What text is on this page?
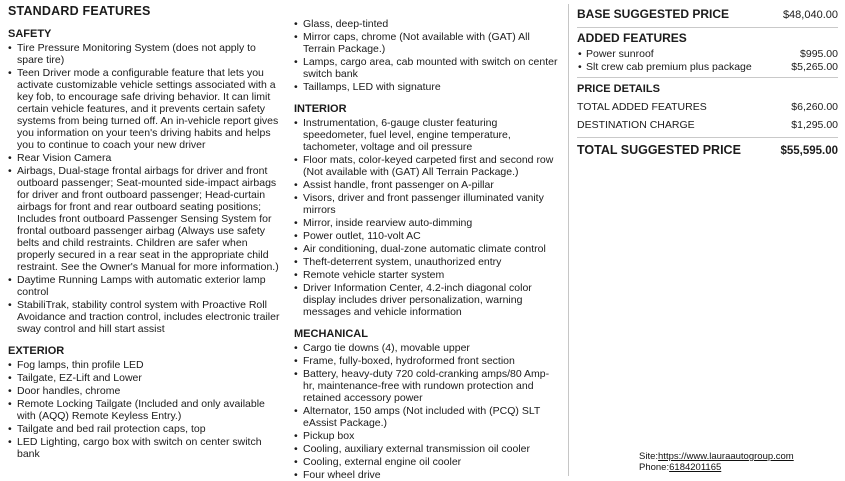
STANDARD FEATURES
SAFETY
• Tire Pressure Monitoring System (does not apply to spare tire)
• Teen Driver mode a configurable feature that lets you activate customizable vehicle settings associated with a key fob, to encourage safe driving behavior. It can limit certain vehicle features, and it prevents certain safety systems from being turned off. An in-vehicle report gives you information on your teen's driving habits and helps you to continue to coach your new driver
• Rear Vision Camera
• Airbags, Dual-stage frontal airbags for driver and front outboard passenger; Seat-mounted side-impact airbags for driver and front outboard passenger; Head-curtain airbags for front and rear outboard seating positions; Includes front outboard Passenger Sensing System for frontal outboard passenger airbag (Always use safety belts and child restraints. Children are safer when properly secured in a rear seat in the appropriate child restraint. See the Owner's Manual for more information.)
• Daytime Running Lamps with automatic exterior lamp control
• StabiliTrak, stability control system with Proactive Roll Avoidance and traction control, includes electronic trailer sway control and hill start assist
EXTERIOR
• Fog lamps, thin profile LED
• Tailgate, EZ-Lift and Lower
• Door handles, chrome
• Remote Locking Tailgate (Included and only available with (AQQ) Remote Keyless Entry.)
• Tailgate and bed rail protection caps, top
• LED Lighting, cargo box with switch on center switch bank
• Glass, deep-tinted
• Mirror caps, chrome (Not available with (GAT) All Terrain Package.)
• Lamps, cargo area, cab mounted with switch on center switch bank
• Taillamps, LED with signature
INTERIOR
• Instrumentation, 6-gauge cluster featuring speedometer, fuel level, engine temperature, tachometer, voltage and oil pressure
• Floor mats, color-keyed carpeted first and second row (Not available with (GAT) All Terrain Package.)
• Assist handle, front passenger on A-pillar
• Visors, driver and front passenger illuminated vanity mirrors
• Mirror, inside rearview auto-dimming
• Power outlet, 110-volt AC
• Air conditioning, dual-zone automatic climate control
• Theft-deterrent system, unauthorized entry
• Remote vehicle starter system
• Driver Information Center, 4.2-inch diagonal color display includes driver personalization, warning messages and vehicle information
MECHANICAL
• Cargo tie downs (4), movable upper
• Frame, fully-boxed, hydroformed front section
• Battery, heavy-duty 720 cold-cranking amps/80 Amp-hr, maintenance-free with rundown protection and retained accessory power
• Alternator, 150 amps (Not included with (PCQ) SLT eAssist Package.)
• Pickup box
• Cooling, auxiliary external transmission oil cooler
• Cooling, external engine oil cooler
• Four wheel drive
BASE SUGGESTED PRICE	$48,040.00
ADDED FEATURES
• Power sunroof	$995.00
• Slt crew cab premium plus package	$5,265.00
PRICE DETAILS
TOTAL ADDED FEATURES	$6,260.00
DESTINATION CHARGE	$1,295.00
TOTAL SUGGESTED PRICE	$55,595.00
Site:https://www.lauraautogroup.com
Phone:6184201165
